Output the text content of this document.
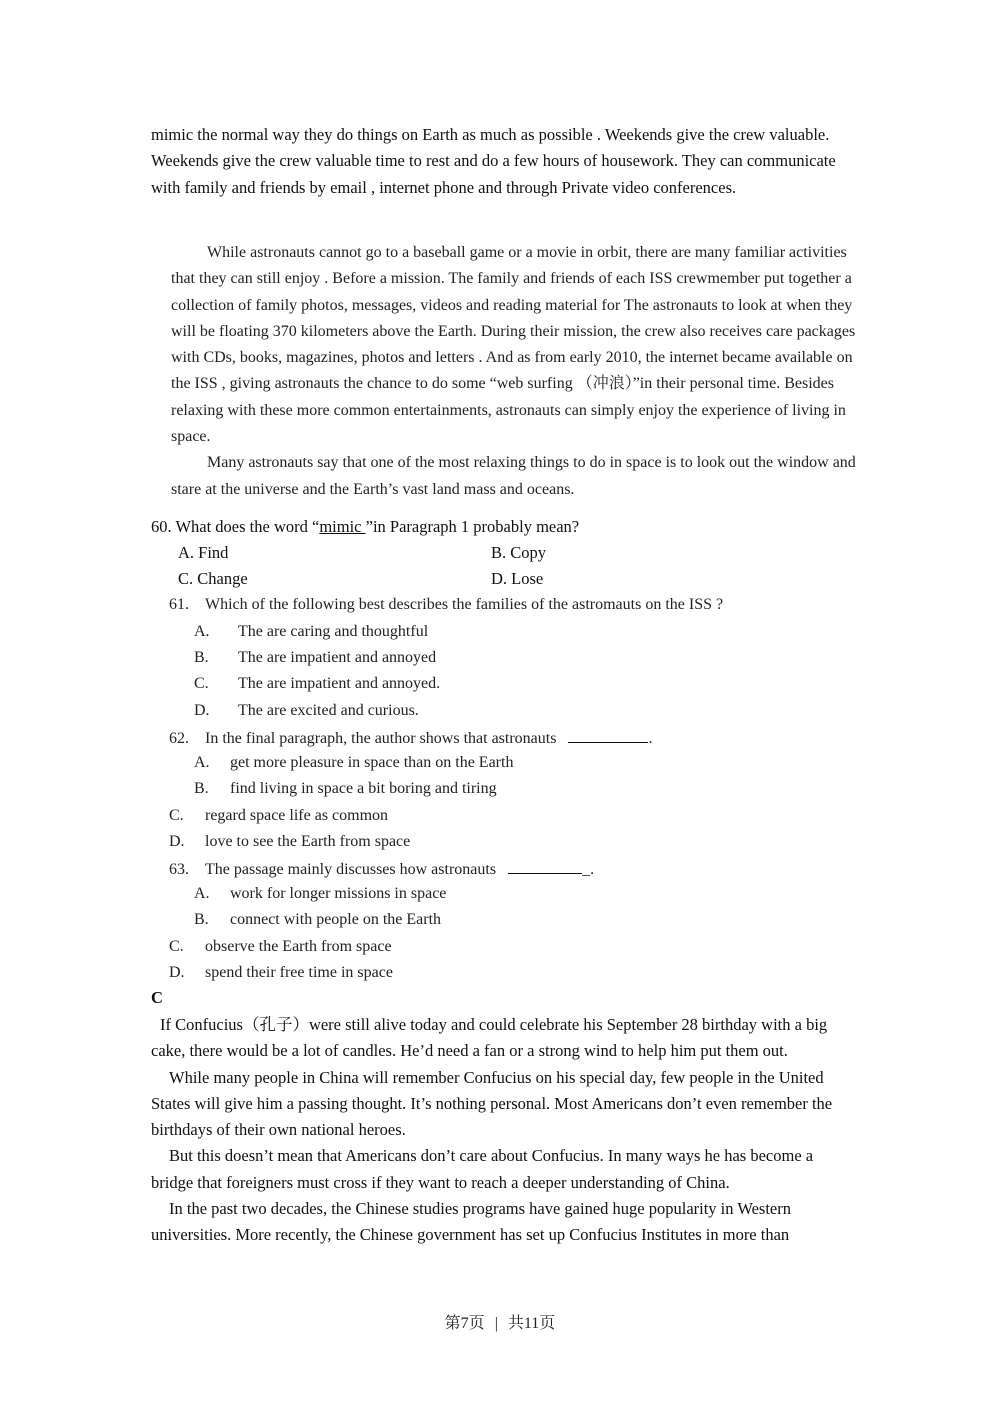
mimic the normal way they do things on Earth as much as possible . Weekends give the crew valuable. Weekends give the crew valuable time to rest and do a few hours of housework. They can communicate with family and friends by email , internet phone and through Private video conferences.

While astronauts cannot go to a baseball game or a movie in orbit, there are many familiar activities that they can still enjoy . Before a mission. The family and friends of each ISS crewmember put together a collection of family photos, messages, videos and reading material for The astronauts to look at when they will be floating 370 kilometers above the Earth. During their mission, the crew also receives care packages with CDs, books, magazines, photos and letters . And as from early 2010, the internet became available on the ISS , giving astronauts the chance to do some “web surfing （冲浪）”in their personal time. Besides relaxing with these more common entertainments, astronauts can simply enjoy the experience of living in space.

Many astronauts say that one of the most relaxing things to do in space is to look out the window and stare at the universe and the Earth’s vast land mass and oceans.

60. What does the word “mimic ”in Paragraph 1 probably mean?
A. Find	B. Copy
C. Change	D. Lose
61. Which of the following best describes the families of the astromauts on the ISS ?
A. The are caring and thoughtful
B. The are impatient and annoyed
C. The are impatient and annoyed.
D. The are excited and curious.
62. In the final paragraph, the author shows that astronauts	.
A. get more pleasure in space than on the Earth
B. find living in space a bit boring and tiring
C. regard space life as common
D. love to see the Earth from space
63. The passage mainly discusses how astronauts	_.
A. work for longer missions in space
B. connect with people on the Earth
C. observe the Earth from space
D. spend their free time in space
C

If Confucius（孔子）were still alive today and could celebrate his September 28 birthday with a big cake, there would be a lot of candles. He’d need a fan or a strong wind to help him put them out.

While many people in China will remember Confucius on his special day, few people in the United States will give him a passing thought. It’s nothing personal. Most Americans don’t even remember the birthdays of their own national heroes.

But this doesn’t mean that Americans don’t care about Confucius. In many ways he has become a bridge that foreigners must cross if they want to reach a deeper understanding of China.

In the past two decades, the Chinese studies programs have gained huge popularity in Western universities. More recently, the Chinese government has set up Confucius Institutes in more than

第7页 | 共11页
